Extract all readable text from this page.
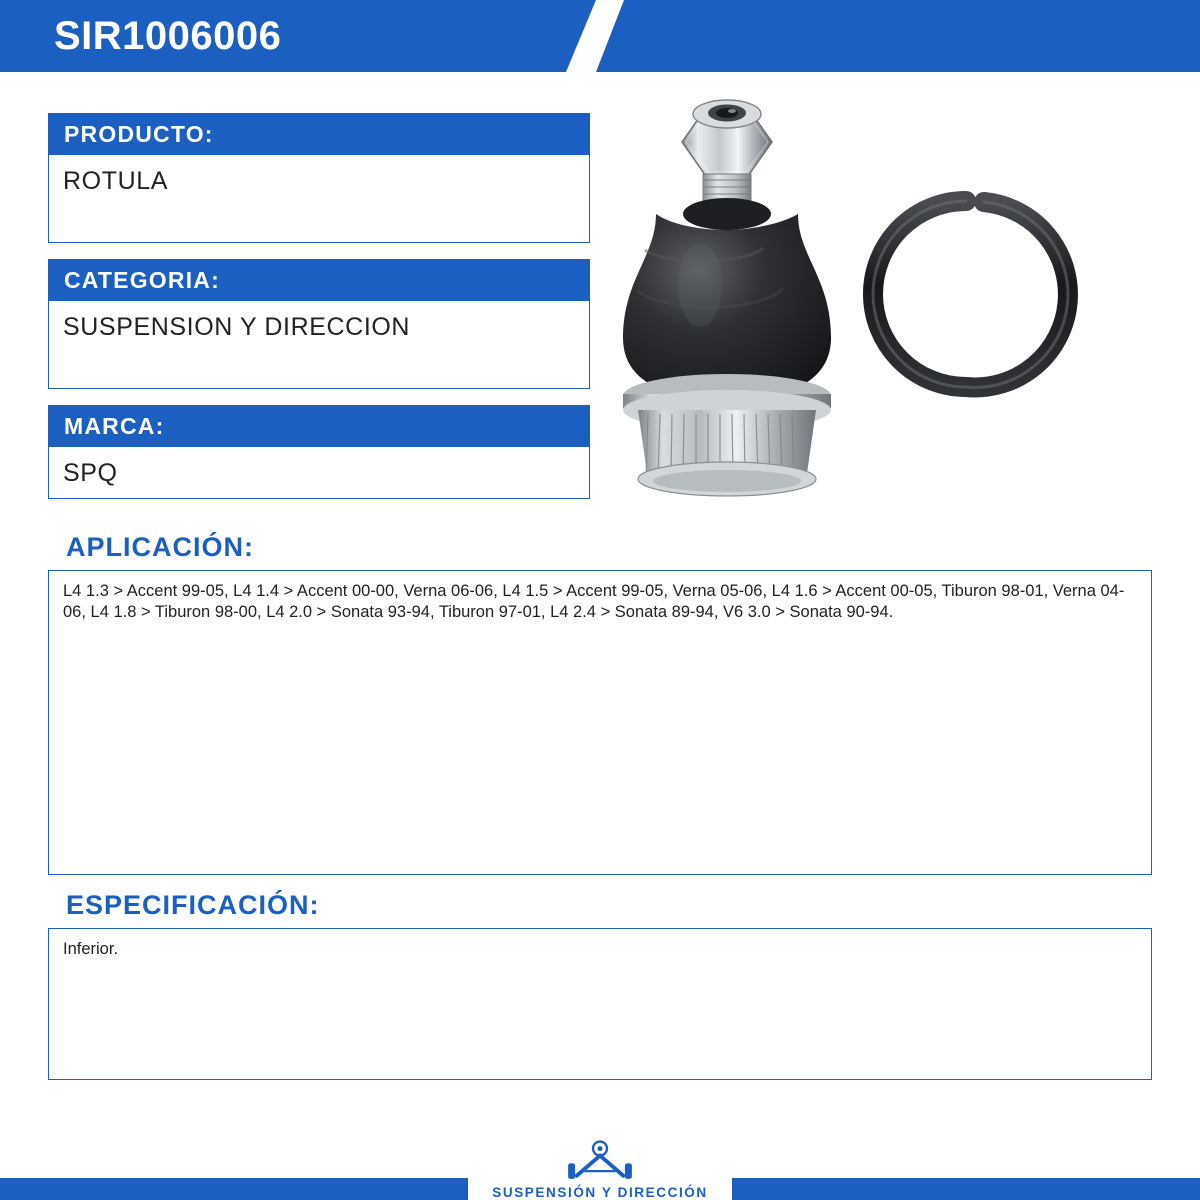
SIR1006006
PRODUCTO:
ROTULA
CATEGORIA:
SUSPENSION Y DIRECCION
MARCA:
SPQ
APLICACIÓN:
L4 1.3 > Accent 99-05, L4 1.4 > Accent 00-00, Verna 06-06, L4 1.5 > Accent 99-05, Verna 05-06, L4 1.6 > Accent 00-05, Tiburon 98-01, Verna 04-06, L4 1.8 > Tiburon 98-00, L4 2.0 > Sonata 93-94, Tiburon 97-01, L4 2.4 > Sonata 89-94, V6 3.0 > Sonata 90-94.
ESPECIFICACIÓN:
Inferior.
SUSPENSIÓN Y DIRECCIÓN
